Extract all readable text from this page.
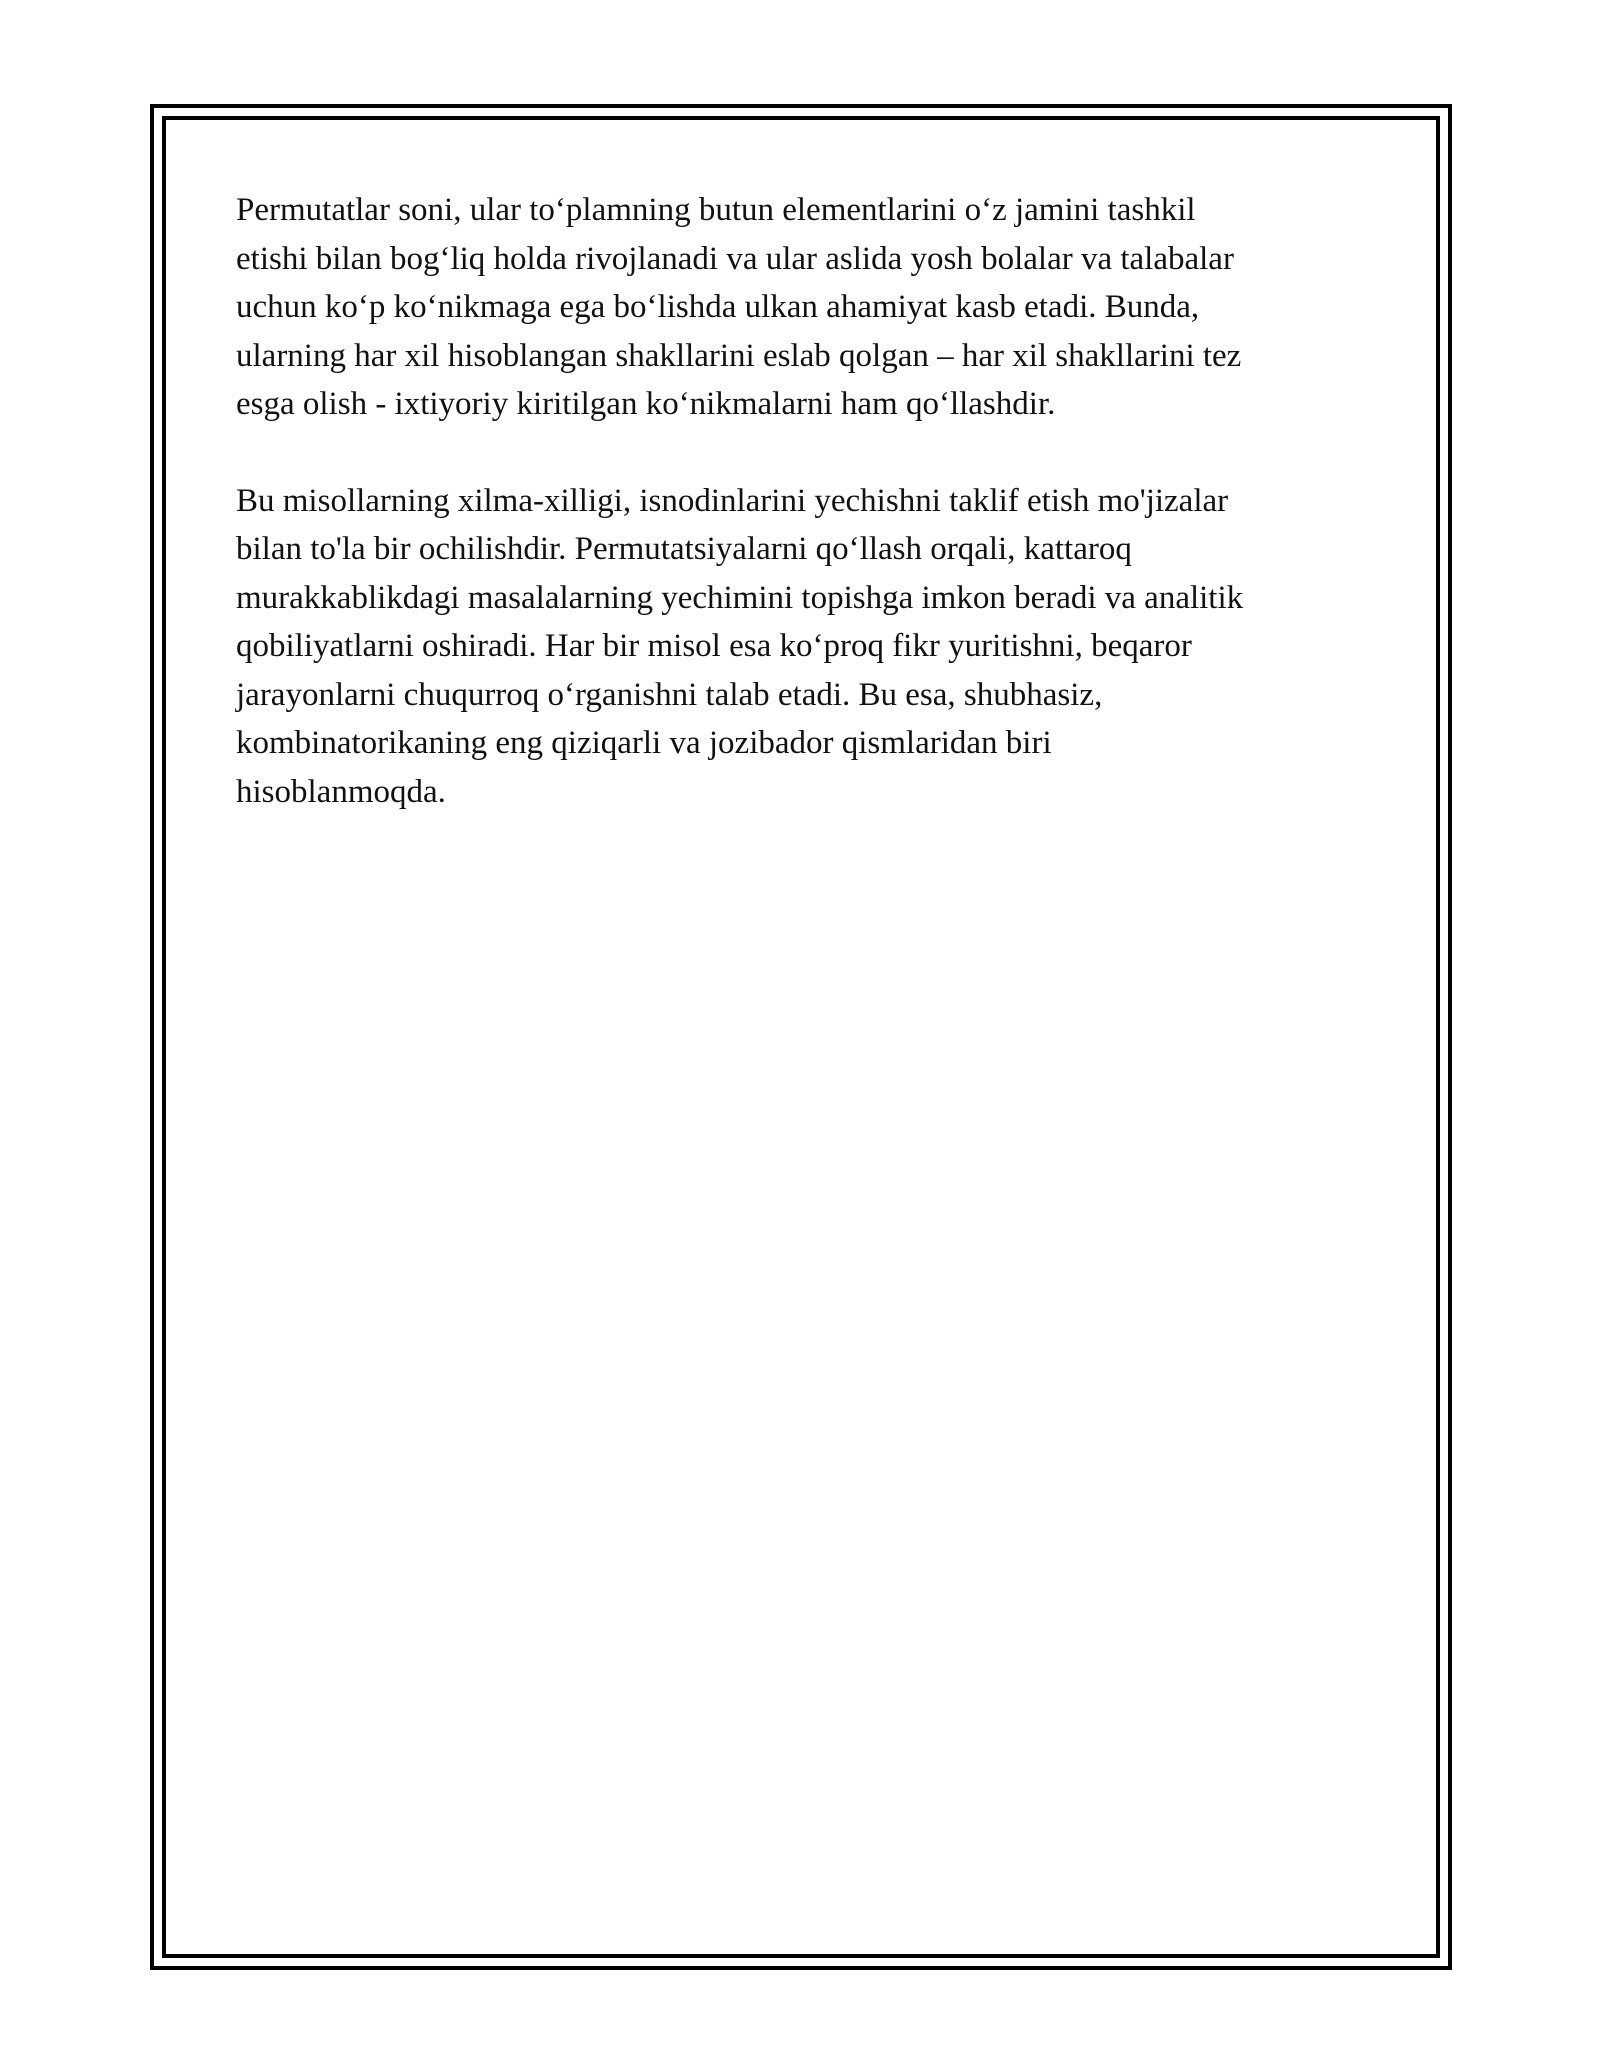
Permutatlar soni, ular to‘plamning butun elementlarini o‘z jamini tashkil
etishi bilan bog‘liq holda rivojlanadi va ular aslida yosh bolalar va talabalar
uchun ko‘p ko‘nikmaga ega bo‘lishda ulkan ahamiyat kasb etadi. Bunda,
ularning har xil hisoblangan shakllarini eslab qolgan – har xil shakllarini tez
esga olish - ixtiyoriy kiritilgan ko‘nikmalarni ham qo‘llashdir.

Bu misollarning xilma-xilligi, isnodinlarini yechishni taklif etish mo'jizalar
bilan to'la bir ochilishdir. Permutatsiyalarni qo‘llash orqali, kattaroq
murakkablikdagi masalalarning yechimini topishga imkon beradi va analitik
qobiliyatlarni oshiradi. Har bir misol esa ko‘proq fikr yuritishni, beqaror
jarayonlarni chuqurroq o‘rganishni talab etadi. Bu esa, shubhasiz,
kombinatorikaning eng qiziqarli va jozibador qismlaridan biri
hisoblanmoqda.
